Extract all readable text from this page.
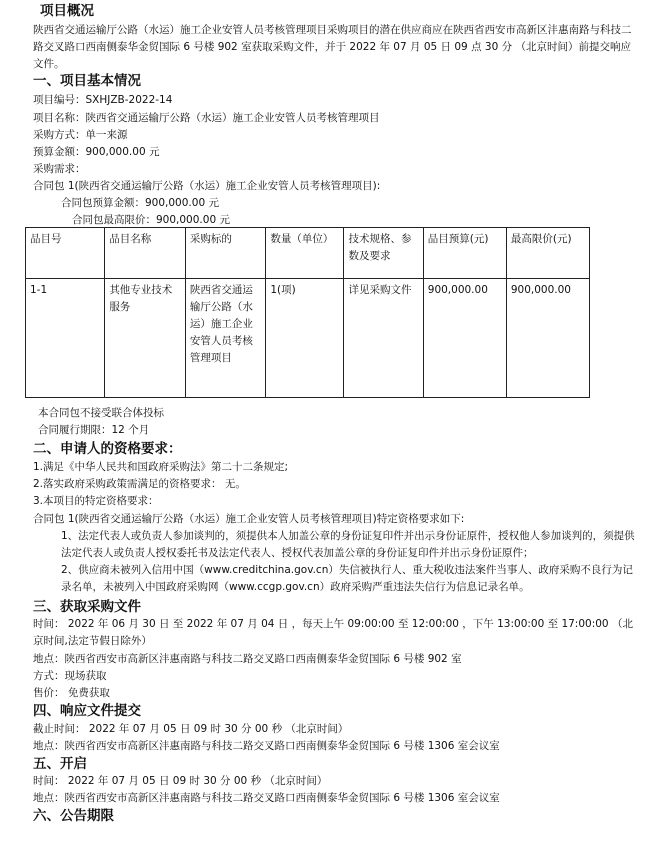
项目概况
陕西省交通运输厅公路（水运）施工企业安管人员考核管理项目采购项目的潜在供应商应在陕西省西安市高新区沣惠南路与科技二路交叉路口西南侧泰华金贸国际 6 号楼 902 室获取采购文件，并于 2022 年 07 月 05 日 09 点 30 分 （北京时间）前提交响应文件。
一、项目基本情况
项目编号：SXHJZB-2022-14
项目名称：陕西省交通运输厅公路（水运）施工企业安管人员考核管理项目
采购方式：单一来源
预算金额：900,000.00 元
采购需求：
合同包 1(陕西省交通运输厅公路（水运）施工企业安管人员考核管理项目):
合同包预算金额：900,000.00 元
合同包最高限价：900,000.00 元
品目号	品目名称	采购标的	数量（单位）	技术规格、参数及要求	品目预算(元)	最高限价(元)
1-1	其他专业技术服务	陕西省交通运输厅公路（水运）施工企业安管人员考核管理项目	1(项)	详见采购文件	900,000.00	900,000.00
本合同包不接受联合体投标
合同履行期限：12 个月
二、申请人的资格要求：
1.满足《中华人民共和国政府采购法》第二十二条规定;
2.落实政府采购政策需满足的资格要求： 无。
3.本项目的特定资格要求：
合同包 1(陕西省交通运输厅公路（水运）施工企业安管人员考核管理项目)特定资格要求如下:
1、法定代表人或负责人参加谈判的，须提供本人加盖公章的身份证复印件并出示身份证原件，授权他人参加谈判的，须提供法定代表人或负责人授权委托书及法定代表人、授权代表加盖公章的身份证复印件并出示身份证原件；
2、供应商未被列入信用中国（www.creditchina.gov.cn）失信被执行人、重大税收违法案件当事人、政府采购不良行为记录名单，未被列入中国政府采购网（www.ccgp.gov.cn）政府采购严重违法失信行为信息记录名单。
三、获取采购文件
时间： 2022 年 06 月 30 日 至 2022 年 07 月 04 日 ，每天上午 09:00:00 至 12:00:00 ，下午 13:00:00 至 17:00:00 （北京时间,法定节假日除外）
地点：陕西省西安市高新区沣惠南路与科技二路交叉路口西南侧泰华金贸国际 6 号楼 902 室
方式：现场获取
售价： 免费获取
四、响应文件提交
截止时间： 2022 年 07 月 05 日 09 时 30 分 00 秒 （北京时间）
地点：陕西省西安市高新区沣惠南路与科技二路交叉路口西南侧泰华金贸国际 6 号楼 1306 室会议室
五、开启
时间： 2022 年 07 月 05 日 09 时 30 分 00 秒 （北京时间）
地点：陕西省西安市高新区沣惠南路与科技二路交叉路口西南侧泰华金贸国际 6 号楼 1306 室会议室
六、公告期限
